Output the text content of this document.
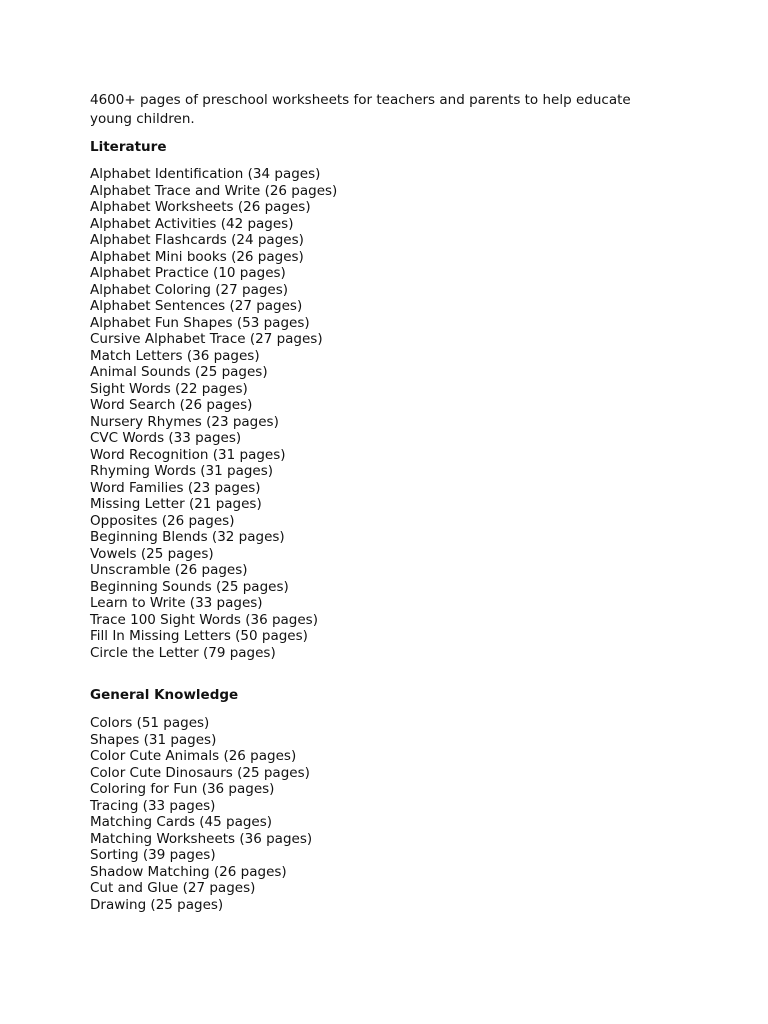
4600+ pages of preschool worksheets for teachers and parents to help educate young children.

Literature
Alphabet Identification (34 pages)
Alphabet Trace and Write (26 pages)
Alphabet Worksheets (26 pages)
Alphabet Activities (42 pages)
Alphabet Flashcards (24 pages)
Alphabet Mini books (26 pages)
Alphabet Practice (10 pages)
Alphabet Coloring (27 pages)
Alphabet Sentences (27 pages)
Alphabet Fun Shapes (53 pages)
Cursive Alphabet Trace (27 pages)
Match Letters (36 pages)
Animal Sounds (25 pages)
Sight Words (22 pages)
Word Search (26 pages)
Nursery Rhymes (23 pages)
CVC Words (33 pages)
Word Recognition (31 pages)
Rhyming Words (31 pages)
Word Families (23 pages)
Missing Letter (21 pages)
Opposites (26 pages)
Beginning Blends (32 pages)
Vowels (25 pages)
Unscramble (26 pages)
Beginning Sounds (25 pages)
Learn to Write (33 pages)
Trace 100 Sight Words (36 pages)
Fill In Missing Letters (50 pages)
Circle the Letter (79 pages)
General Knowledge
Colors (51 pages)
Shapes (31 pages)
Color Cute Animals (26 pages)
Color Cute Dinosaurs (25 pages)
Coloring for Fun (36 pages)
Tracing (33 pages)
Matching Cards (45 pages)
Matching Worksheets (36 pages)
Sorting (39 pages)
Shadow Matching (26 pages)
Cut and Glue (27 pages)
Drawing (25 pages)
